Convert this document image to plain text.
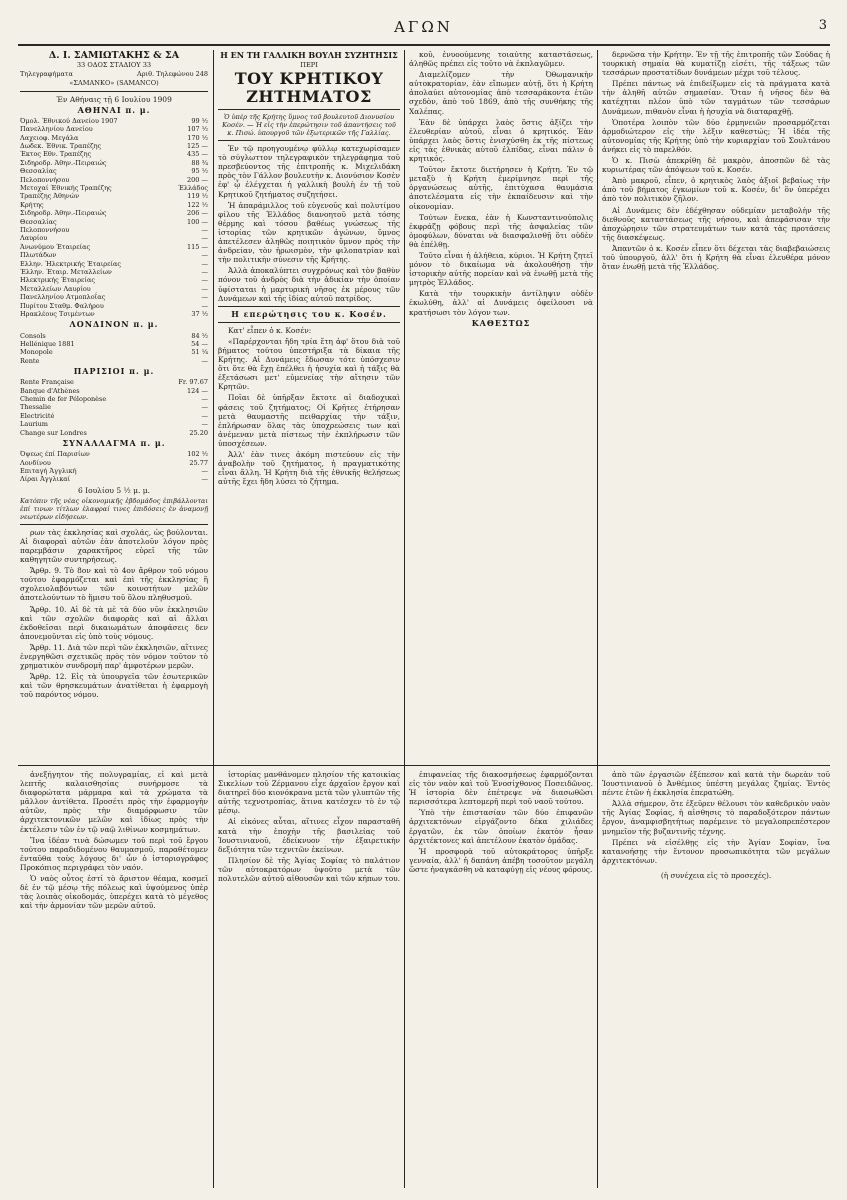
ΑΓΩΝ	3
Δ. Ι. ΣΑΜΙΩΤΑΚΗΣ & ΣΑ
33 ΟΔΟΣ ΣΤΑΔΙΟΥ 33
Τηλεγραφήματα	Αριθ. Τηλεφώνου 248
«ΣΑΜΑΝΚΟ» (SAMANCO)
Έν Αθήναις τῇ 6 Ιουλίου 1909
ΑΘΗΝΑΙ π. μ.
Όμολ. Έθνικού Δανείου 1907	99 ½
Πανελληνίου Δανείου	107 ½
Λαχειοφ. Μεγάλα	170 ½
Δωδεκ. Έθνικ. Τραπέζης	125 —
Έκτος Εθν. Τραπέζης	435 —
Σιδηροδρ. Άθην.-Πειραιώς	88 ¾
Θεσσαλίας	95 ½
Πελοποννήσου	200 —
Μετοχαί Έθνικής Τραπέζης	Έλλάδος
Τραπέζης Άθηνών	119 ½
Κρήτης	122 ½
Σιδηροδρ. Άθην.-Πειραιώς	206 —
Θεσσαλίας	100 —
Πελοποννήσου	—
Λαυρίου	—
Άνωνύμου Έταιρείας	115 —
Πλωτάδων	—
Ελλην. Ήλεκτρικής Έταιρείας	—
Έλλην. Έταιρ. Μεταλλείων	—
Ηλεκτρικής Έταιρείας	—
Μεταλλείων Λαυρίου	—
Πανελληνίου Ατμοπλοΐας	—
Πυρίτου Σταθμ. Φαλήρου	—
Ηρακλέους Τσιμέντων	37 ½
ΛΟΝΔΙΝΟΝ π. μ.
Consols	84 ½
Hellénique 1881	54 —
Monopole	51 ¼
Rente	—
ΠΑΡΙΣΙΟΙ π. μ.
Rente Française	Fr. 97.67
Banque d'Athènes	124 —
Chemin de fer Péloponèse	—
Thessalie	—
Electricité	—
Laurium	—
Change sur Londres	25.20
ΣΥΝΑΛΛΑΓΜΑ π. μ.
Όψεως έπί Παρισίων	102 ½
Λονδίνου	25.77
Επιταγή Άγγλική	—
Λίραι Άγγλικαί	—
6 Ιουλίου 5 ½ μ. μ.
Κατόπιν τῆς νέας οἰκονομικῆς ἐβδομάδος ἐπιβάλλονται ἐπί τινων τίτλων ἐλαφραί τινες ἐπιδόσεις ἐν ἀναμονῇ νεωτέρων εἰδήσεων.

ρων τὰς ἐκκλησίας καὶ σχολάς, ὡς βούλονται. Αἱ διαφοραὶ αὐτῶν ἐὰν ἀποτελοῦν λόγον πρὸς παρεμβάσιν χαρακτῆρος εὑρεῖ τῆς τῶν καθηγητῶν συντηρήσεως.

Ἄρθρ. 9. Τὸ 8ον καὶ τὸ 4ον ἄρθρον τοῦ νόμου τούτου ἐφαρμόζεται καὶ ἐπὶ τῆς ἐκκλησίας ἢ σχολειολαβόντων τῶν κοινοτήτων μελῶν ἀποτελούντων τὸ ἥμισυ τοῦ ὅλου πληθυσμοῦ.

Ἄρθρ. 10. Αἱ δὲ τὰ μὲ τὰ δύο νῦν ἐκκλησιῶν καὶ τῶν σχολῶν διαφορὰς καὶ αἱ ἄλλαι ἐκδοθεῖσαι περὶ δικαιωμάτων ἀποφάσεις δεν ἀπονεμοῦνται εἰς ὑπὸ τοὺς νόμους.

Ἄρθρ. 11. Διὰ τῶν περὶ τῶν ἐκκλησιῶν, αἵτινες ἐνεργηθῶσι σχετικῶς πρὸς τὸν νόμον τοῦτον τὸ χρηματικὸν συνδρομὴ παρ' ἀμφοτέρων μερῶν.

Ἄρθρ. 12. Εἰς τὰ ὑπουργεῖα τῶν ἐσωτερικῶν καὶ τῶν θρησκευμάτων ἀνατίθεται ἡ ἐφαρμογὴ τοῦ παρόντος νόμου.

Η ΕΝ ΤΗ ΓΑΛΛΙΚΗ ΒΟΥΛΗ ΣΥΖΗΤΗΣΙΣ
ΠΕΡΙ
ΤΟΥ ΚΡΗΤΙΚΟΥ ΖΗΤΗΜΑΤΟΣ
Ὁ ὑπὲρ τῆς Κρήτης ὕμνος τοῦ βουλευτοῦ Διονυσίου Κοσέν. — Ἡ εἰς τὴν ἐπερώτησιν τοῦ ἀπαντήσεις τοῦ κ. Πισώ. ὑπουργοῦ τῶν ἐξωτερικῶν τῆς Γαλλίας.

Ἐν τῷ προηγουμένῳ φύλλῳ κατεχωρίσαμεν τὸ σύγλωττον τηλεγραφικὸν τηλεγράφημα τοῦ πρεσβεύοντος τῆς ἐπιτροπῆς κ. Μιχελιδάκη πρὸς τὸν Γάλλον βουλευτὴν κ. Διονύσιον Κοσὲν ἐφ' ᾧ ἐλέγχεται ἡ γαλλικὴ βουλὴ ἐν τῇ τοῦ Κρητικοῦ ζητήματος συζητήσει.

Ἡ ἀπαράμιλλος τοῦ εὐγενοῦς καὶ πολυτίμου φίλου τῆς Ἑλλάδος διανοητοῦ μετὰ τόσης θέρμης καὶ τόσου βαθέως γνώσεως τῆς ἱστορίας τῶν κρητικῶν ἀγώνων, ὕμνος ἀπετέλεσεν ἀληθῶς ποιητικὸν ὕμνον πρὸς τὴν ἀνδρείαν, τὸν ἡρωισμὸν, τὴν φιλοπατρίαν καὶ τὴν πολιτικὴν σύνεσιν τῆς Κρήτης.

Ἀλλὰ ἀποκαλύπτει συγχρόνως καὶ τὸν βαθὺν πόνον τοῦ ἀνδρὸς διὰ τὴν ἀδικίαν τὴν ὁποίαν ὑφίσταται ἡ μαρτυρικὴ νῆσος ἐκ μέρους τῶν Δυνάμεων καὶ τῆς ἰδίας αὐτοῦ πατρίδος.

Η επερώτησις του κ. Κοσέν.

Κατ' εἶπεν ὁ κ. Κοσέν:

«Παρέρχονται ἤδη τρία ἔτη ἀφ' ὅτου διὰ τοῦ βήματος τούτου ὑπεστήριξα τὰ δίκαια τῆς Κρήτης. Αἱ Δυνάμεις ἔδωσαν τότε ὑπόσχεσιν ὅτι ὅτε θὰ ἔχῃ ἐπέλθει ἡ ἡσυχία καὶ ἡ τάξις θὰ ἐξετάσωσι μετ' εὐμενείας τὴν αἴτησιν τῶν Κρητῶν.

Ποῖαι δὲ ὑπῆρξαν ἔκτοτε αἱ διαδοχικαὶ φάσεις τοῦ ζητήματος; Οἱ Κρῆτες ἐτήρησαν μετὰ θαυμαστῆς πειθαρχίας τὴν τάξιν, ἐπλήρωσαν ὅλας τὰς ὑποχρεώσεις των καὶ ἀνέμεναν μετὰ πίστεως τὴν ἐκπλήρωσιν τῶν ὑποσχέσεων.

Ἀλλ' ἐὰν τινες ἀκόμη πιστεύουν εἰς τὴν ἀναβολὴν τοῦ ζητήματος, ἡ πραγματικότης εἶναι ἄλλη. Ἡ Κρήτη διὰ τῆς ἐθνικῆς θελήσεως αὐτῆς ἔχει ἤδη λύσει τὸ ζήτημα.

κοῦ, ἐνυοούμενης τοιαύτης καταστάσεως, ἀληθῶς πρέπει εἰς τοῦτο νὰ ἐκπλαγῶμεν.

Διαμελίζομεν τὴν Ὀθωμανικὴν αὐτοκρατορίαν, ἐὰν εἴπωμεν αὐτῇ, ὅτι ἡ Κρήτη ἀπολαύει αὐτονομίας ἀπὸ τεσσαράκοντα ἐτῶν σχεδὸν, ἀπὸ τοῦ 1869, ἀπὸ τῆς συνθήκης τῆς Χαλέπας.

Ἐὰν δὲ ὑπάρχει λαὸς ὅστις ἀξίζει τὴν ἐλευθερίαν αὐτοῦ, εἶναι ὁ κρητικός. Ἐὰν ὑπάρχει λαὸς ὅστις ἐνισχύσθη ἐκ τῆς πίστεως εἰς τὰς ἐθνικὰς αὐτοῦ ἐλπίδας, εἶναι πάλιν ὁ κρητικός.

Τοῦτον ἔκτοτε διετήρησεν ἡ Κρήτη. Ἐν τῷ μεταξὺ ἡ Κρήτη ἐμερίμνησε περὶ τῆς ὀργανώσεως αὐτῆς, ἐπιτύχασα θαυμάσια ἀποτελέσματα εἰς τὴν ἐκπαίδευσιν καὶ τὴν οἰκονομίαν.

Τούτων ἕνεκα, ἐὰν ἡ Κωνσταντινούπολις ἐκφράζῃ φόβους περὶ τῆς ἀσφαλείας τῶν ὁμοφύλων, δύναται νὰ διασφαλισθῇ ὅτι οὐδὲν θὰ ἐπέλθῃ.

Τοῦτο εἶναι ἡ ἀλήθεια, κύριοι. Ἡ Κρήτη ζητεῖ μόνον τὸ δικαίωμα νὰ ἀκολουθήσῃ τὴν ἱστορικὴν αὐτῆς πορείαν καὶ νὰ ἑνωθῇ μετὰ τῆς μητρὸς Ἑλλάδος.

Κατὰ τὴν τουρκικὴν ἀντίληψιν οὐδὲν ἐκωλύθη, ἀλλ' αἱ Δυνάμεις ὀφείλουσι νὰ κρατήσωσι τὸν λόγον των.

ΚΑΘΕΣΤΩΣ

δερνῶσα τὴν Κρήτην. Ἐν τῇ τῆς ἐπιτροπῆς τῶν Σούδας ἡ τουρκικὴ σημαία θὰ κυματίζῃ εἰσέτι, τῆς τάξεως τῶν τεσσάρων προστατίδων δυνάμεων μέχρι τοῦ τέλους.

Πρέπει πάντως νὰ ἐπιδείξωμεν εἰς τὰ πράγματα κατὰ τὴν ἀληθῆ αὐτῶν σημασίαν. Ὅταν ἡ νῆσος δὲν θὰ κατέχηται πλέον ὑπὸ τῶν ταγμάτων τῶν τεσσάρων Δυνάμεων, πιθανὸν εἶναι ἡ ἡσυχία νὰ διαταραχθῇ.

Ὁποτέρα λοιπὸν τῶν δύο ἐρμηνειῶν προσαρμόζεται ἀρμοδιώτερον εἰς τὴν λέξιν καθεστώς; Ἡ ἰδέα τῆς αὐτονομίας τῆς Κρήτης ὑπὸ τὴν κυριαρχίαν τοῦ Σουλτάνου ἀνήκει εἰς τὸ παρελθόν.

Ὁ κ. Πισὼ ἀπεκρίθη δὲ μακρὸν, ἀποσπῶν δὲ τὰς κυριωτέρας τῶν ἀπόψεων τοῦ κ. Κοσέν.

Ἀπὸ μακροῦ, εἶπεν, ὁ κρητικὸς λαὸς ἀξιοῖ βεβαίως τὴν ἀπὸ τοῦ βήματος ἐγκωμίων τοῦ κ. Κοσέν, δι' ὃν ὑπερέχει ἀπὸ τὸν πολιτικὸν ζῆλον.

Αἱ Δυνάμεις δὲν ἐδέχθησαν οὐδεμίαν μεταβολὴν τῆς διεθνοῦς καταστάσεως τῆς νήσου, καὶ ἀπεφάσισαν τὴν ἀποχώρησιν τῶν στρατευμάτων των κατὰ τὰς προτάσεις τῆς διασκέψεως.

Ἀπαντῶν ὁ κ. Κοσέν εἶπεν ὅτι δέχεται τὰς διαβεβαιώσεις τοῦ ὑπουργοῦ, ἀλλ' ὅτι ἡ Κρήτη θὰ εἶναι ἐλευθέρα μόνον ὅταν ἑνωθῇ μετὰ τῆς Ἑλλάδος.

ἀνεξήγητον τῆς πολυγραμίας, εἰ καὶ μετὰ λεπτῆς καλαισθησίας συνήρμοσε τὰ διαφορώτατα μάρμαρα καὶ τὰ χρώματα τὰ μᾶλλον ἀντίθετα. Προσέτι πρὸς τὴν ἐφαρμογὴν αὐτῶν, πρὸς τὴν διαμόρφωσιν τῶν ἀρχιτεκτονικῶν μελῶν καὶ ἰδίως πρὸς τὴν ἐκτέλεσιν τῶν ἐν τῷ ναῷ λιθίνων κοσμημάτων.

Ἵνα ἰδέαν τινὰ δώσωμεν τοῦ περὶ τοῦ ἔργου τούτου παραδιδομένου θαυμασμοῦ, παραθέτομεν ἐνταῦθα τοὺς λόγους δι' ὧν ὁ ἱστοριογράφος Προκόπιος περιγράφει τὸν ναόν.

Ὁ ναὸς οὗτος ἐστί τὸ ἄριστον θέαμα, κοσμεῖ δὲ ἐν τῷ μέσῳ τῆς πόλεως καὶ ὑψούμενος ὑπὲρ τὰς λοιπὰς οἰκοδομάς, ὑπερέχει κατὰ τὸ μέγεθος καὶ τὴν ἁρμονίαν τῶν μερῶν αὐτοῦ.

ἱστορίας μανθάνομεν πλησίον τῆς κατοικίας Σικελίων τοῦ Ζέρμανου εἶχε ἀρχαῖον ἔργον καὶ διατηρεῖ δύο κιονόκρανα μετὰ τῶν γλυπτῶν τῆς αὐτῆς τεχνοτροπίας, ἅτινα κατέσχεν τὸ ἐν τῷ μέσῳ.

Αἱ εἰκόνες αὗται, αἵτινες εἶχον παρασταθῆ κατὰ τὴν ἐποχὴν τῆς βασιλείας τοῦ Ἰουστινιανοῦ, ἐδείκνυον τὴν ἐξαιρετικὴν δεξιότητα τῶν τεχνιτῶν ἐκείνων.

Πλησίον δὲ τῆς Ἁγίας Σοφίας τὸ παλάτιον τῶν αὐτοκρατόρων ὑψοῦτο μετὰ τῶν πολυτελῶν αὐτοῦ αἰθουσῶν καὶ τῶν κήπων του.

ἐπιφανείας τῆς διακοσμήσεως ἐφαρμόζονται εἰς τὸν ναὸν καὶ τοῦ Ἐνοσίχθονος Ποσειδῶνος. Ἡ ἱστορία δὲν ἐπέτρεψε νὰ διασωθῶσι περισσότερα λεπτομερῆ περὶ τοῦ ναοῦ τούτου.

Ὑπὸ τὴν ἐπιστασίαν τῶν δύο ἐπιφανῶν ἀρχιτεκτόνων εἰργάζοντο δέκα χιλιάδες ἐργατῶν, ἐκ τῶν ὁποίων ἑκατὸν ἦσαν ἀρχιτέκτονες καὶ ἀπετέλουν ἑκατὸν ὁμάδας.

Ἡ προσφορὰ τοῦ αὐτοκράτορος ὑπῆρξε γενναία, ἀλλ' ἡ δαπάνη ἀπέβη τοσοῦτον μεγάλη ὥστε ἠναγκάσθη νὰ καταφύγῃ εἰς νέους φόρους.

ἀπὸ τῶν ἐργασιῶν ἐξέπεσον καὶ κατὰ τὴν δωρεὰν τοῦ Ἰουστινιανοῦ ὁ Ἀνθέμιος ὑπέστη μεγάλας ζημίας. Ἐντὸς πέντε ἐτῶν ἡ ἐκκλησία ἐπερατώθη.

Ἀλλὰ σήμερον, ὅτε ἐξεῦρεν θέλουσι τὸν καθεδρικὸν ναὸν τῆς Ἁγίας Σοφίας, ἡ αἰσθησις τὸ παραδοξότερον πάντων ἔργον, ἀναμφισβητήτως παρέμεινε τὸ μεγαλοπρεπέστερον μνημεῖον τῆς βυζαντινῆς τέχνης.

Πρέπει νὰ εἰσέλθῃς εἰς τὴν Ἁγίαν Σοφίαν, ἵνα κατανοήσῃς τὴν ἔντονον προσωπικότητα τῶν μεγάλων ἀρχιτεκτόνων.

(ἡ συνέχεια εἰς τὸ προσεχές).
